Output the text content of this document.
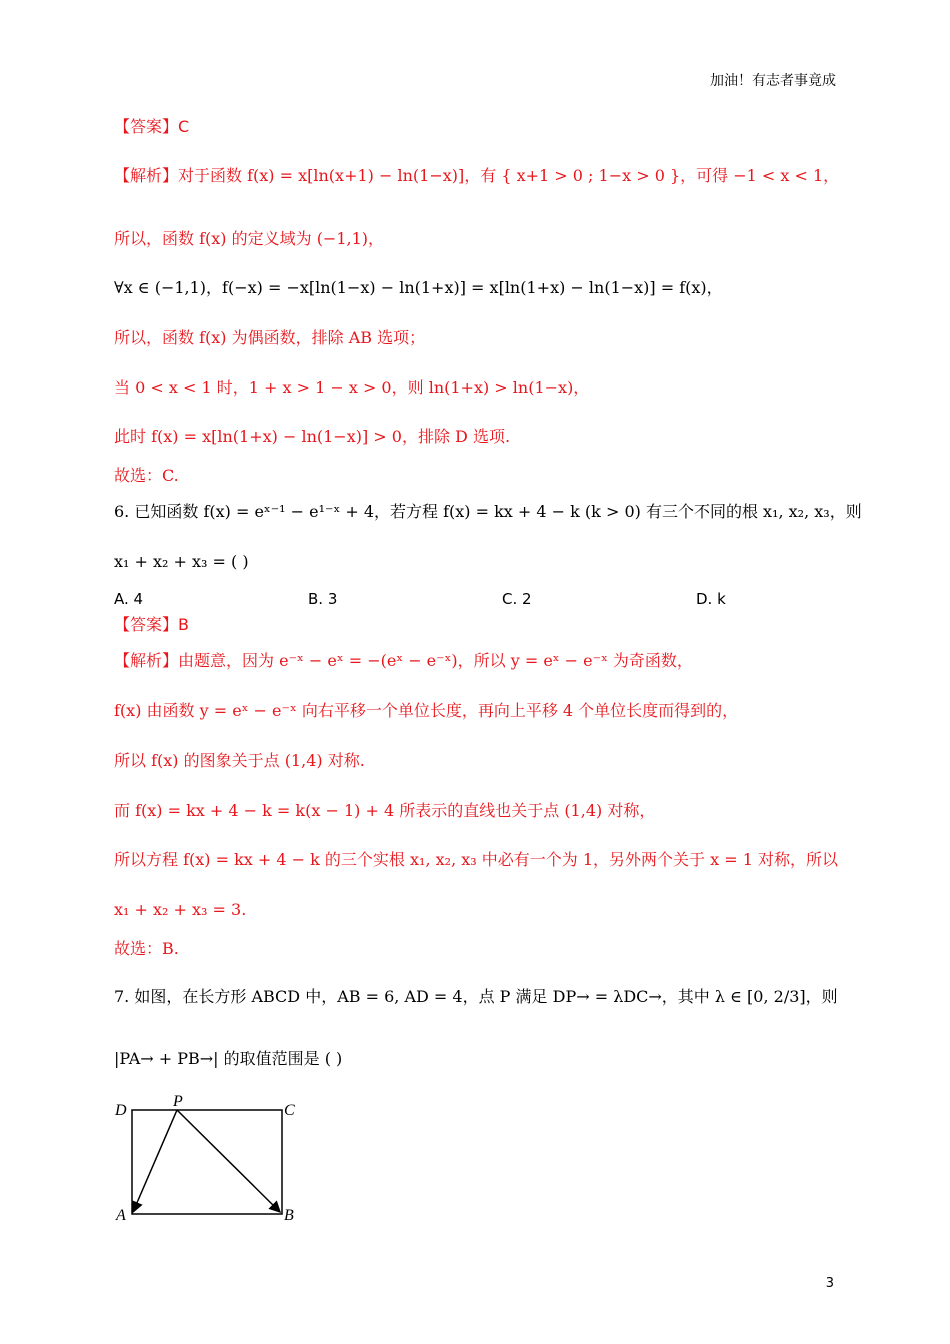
加油！有志者事竟成
【答案】C
【解析】对于函数 f(x) = x[ln(x+1) − ln(1−x)]，有 { x+1 > 0 ; 1−x > 0 }，可得 −1 < x < 1，
所以，函数 f(x) 的定义域为 (−1,1)，
∀x ∈ (−1,1)，f(−x) = −x[ln(1−x) − ln(1+x)] = x[ln(1+x) − ln(1−x)] = f(x)，
所以，函数 f(x) 为偶函数，排除 AB 选项；
当 0 < x < 1 时，1 + x > 1 − x > 0，则 ln(1+x) > ln(1−x)，
此时 f(x) = x[ln(1+x) − ln(1−x)] > 0，排除 D 选项.
故选：C.
6. 已知函数 f(x) = eˣ⁻¹ − e¹⁻ˣ + 4，若方程 f(x) = kx + 4 − k (k > 0) 有三个不同的根 x₁, x₂, x₃，则
x₁ + x₂ + x₃ = ( )
A. 4	B. 3	C. 2	D. k
【答案】B
【解析】由题意，因为 e⁻ˣ − eˣ = −(eˣ − e⁻ˣ)，所以 y = eˣ − e⁻ˣ 为奇函数，
f(x) 由函数 y = eˣ − e⁻ˣ 向右平移一个单位长度，再向上平移 4 个单位长度而得到的，
所以 f(x) 的图象关于点 (1,4) 对称.
而 f(x) = kx + 4 − k = k(x − 1) + 4 所表示的直线也关于点 (1,4) 对称，
所以方程 f(x) = kx + 4 − k 的三个实根 x₁, x₂, x₃ 中必有一个为 1，另外两个关于 x = 1 对称，所以
x₁ + x₂ + x₃ = 3.
故选：B.
7. 如图，在长方形 ABCD 中，AB = 6, AD = 4，点 P 满足 DP→ = λDC→，其中 λ ∈ [0, 2/3]，则
|PA→ + PB→| 的取值范围是 ( )
D
P
C
A	B
3
